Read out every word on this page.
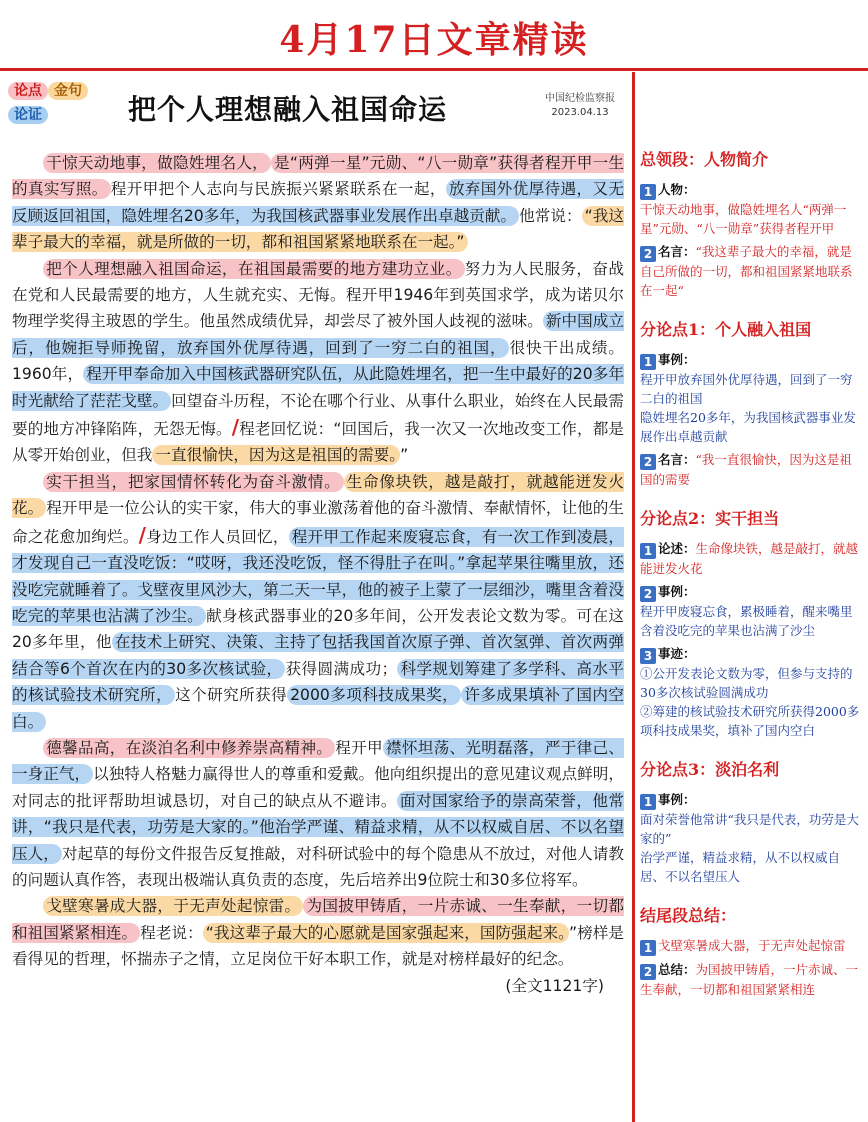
4月17日文章精读
论点 金句
论证	把个人理想融入祖国命运	中国纪检监察报
2023.04.13

干惊天动地事，做隐姓埋名人， 是“两弹一星”元勋、“八一勋章”获得者程开甲一生的真实写照。 程开甲把个人志向与民族振兴紧紧联系在一起， 放弃国外优厚待遇，又无反顾返回祖国，隐姓埋名20多年，为我国核武器事业发展作出卓越贡献。 他常说： “我这辈子最大的幸福，就是所做的一切，都和祖国紧紧地联系在一起。”

把个人理想融入祖国命运，在祖国最需要的地方建功立业。 努力为人民服务，奋战在党和人民最需要的地方，人生就充实、无悔。程开甲1946年到英国求学，成为诺贝尔物理学奖得主玻恩的学生。他虽然成绩优异，却尝尽了被外国人歧视的滋味。 新中国成立后，他婉拒导师挽留，放弃国外优厚待遇，回到了一穷二白的祖国， 很快干出成绩。1960年， 程开甲奉命加入中国核武器研究队伍，从此隐姓埋名，把一生中最好的20多年时光献给了茫茫戈壁。 回望奋斗历程，不论在哪个行业、从事什么职业，始终在人民最需要的地方冲锋陷阵，无怨无悔。/程老回忆说：“回国后，我一次又一次地改变工作，都是从零开始创业，但我 一直很愉快，因为这是祖国的需要。 ”

实干担当，把家国情怀转化为奋斗激情。 生命像块铁，越是敲打，就越能迸发火花。 程开甲是一位公认的实干家，伟大的事业激荡着他的奋斗激情、奉献情怀，让他的生命之花愈加绚烂。/身边工作人员回忆， 程开甲工作起来废寝忘食，有一次工作到凌晨，才发现自己一直没吃饭：“哎呀，我还没吃饭，怪不得肚子在叫。”拿起苹果往嘴里放，还没吃完就睡着了。戈壁夜里风沙大，第二天一早，他的被子上蒙了一层细沙，嘴里含着没吃完的苹果也沾满了沙尘。 献身核武器事业的20多年间，公开发表论文数为零。可在这20多年里，他 在技术上研究、决策、主持了包括我国首次原子弹、首次氢弹、首次两弹结合等6个首次在内的30多次核试验， 获得圆满成功； 科学规划筹建了多学科、高水平的核试验技术研究所， 这个研究所获得 2000多项科技成果奖， 许多成果填补了国内空白。

德馨品高，在淡泊名利中修养崇高精神。 程开甲 襟怀坦荡、光明磊落，严于律己、一身正气， 以独特人格魅力赢得世人的尊重和爱戴。他向组织提出的意见建议观点鲜明，对同志的批评帮助坦诚恳切，对自己的缺点从不避讳。 面对国家给予的崇高荣誉，他常讲，“我只是代表，功劳是大家的。”他治学严谨、精益求精，从不以权威自居、不以名望压人， 对起草的每份文件报告反复推敲，对科研试验中的每个隐患从不放过，对他人请教的问题认真作答，表现出极端认真负责的态度，先后培养出9位院士和30多位将军。

戈壁寒暑成大器，于无声处起惊雷。 为国披甲铸盾，一片赤诚、一生奉献，一切都和祖国紧紧相连。 程老说： “我这辈子最大的心愿就是国家强起来，国防强起来。 ”榜样是看得见的哲理，怀揣赤子之情，立足岗位干好本职工作，就是对榜样最好的纪念。

(全文1121字)
总领段：人物简介
1 人物：
干惊天动地事，做隐姓埋名人“两弹一星”元勋、“八一勋章”获得者程开甲
2 名言：“我这辈子最大的幸福，就是自己所做的一切，都和祖国紧紧地联系在一起“
分论点1：个人融入祖国
1 事例：
程开甲放弃国外优厚待遇，回到了一穷二白的祖国
隐姓埋名20多年，为我国核武器事业发展作出卓越贡献
2 名言：“我一直很愉快，因为这是祖国的需要
分论点2：实干担当
1 论述：生命像块铁，越是敲打，就越能迸发火花
2 事例：
程开甲废寝忘食，累极睡着，醒来嘴里含着没吃完的苹果也沾满了沙尘
3 事迹：
①公开发表论文数为零，但参与支持的30多次核试验圆满成功
②筹建的核试验技术研究所获得2000多项科技成果奖，填补了国内空白
分论点3：淡泊名利
1 事例：
面对荣誉他常讲“我只是代表，功劳是大家的”
治学严谨，精益求精，从不以权威自居、不以名望压人
结尾段总结：
1 戈壁寒暑成大器，于无声处起惊雷
2 总结：为国披甲铸盾，一片赤诚、一生奉献，一切都和祖国紧紧相连
